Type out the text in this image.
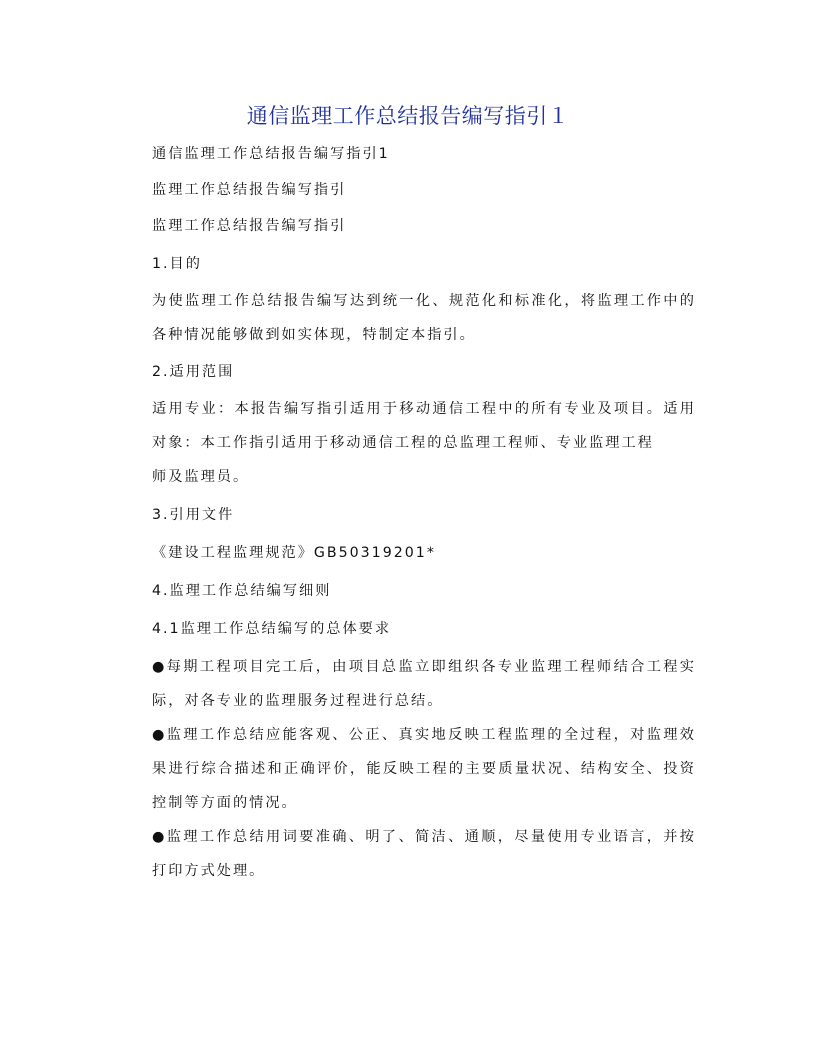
通信监理工作总结报告编写指引１
通信监理工作总结报告编写指引1
监理工作总结报告编写指引
监理工作总结报告编写指引
1.目的
为使监理工作总结报告编写达到统一化、规范化和标准化，将监理工作中的各种情况能够做到如实体现，特制定本指引。
2.适用范围
适用专业：本报告编写指引适用于移动通信工程中的所有专业及项目。适用对象：本工作指引适用于移动通信工程的总监理工程师、专业监理工程
师及监理员。
3.引用文件
《建设工程监理规范》GB50319201*
4.监理工作总结编写细则
4.1监理工作总结编写的总体要求
●每期工程项目完工后，由项目总监立即组织各专业监理工程师结合工程实际，对各专业的监理服务过程进行总结。
●监理工作总结应能客观、公正、真实地反映工程监理的全过程，对监理效果进行综合描述和正确评价，能反映工程的主要质量状况、结构安全、投资控制等方面的情况。
●监理工作总结用词要准确、明了、简洁、通顺，尽量使用专业语言，并按打印方式处理。
